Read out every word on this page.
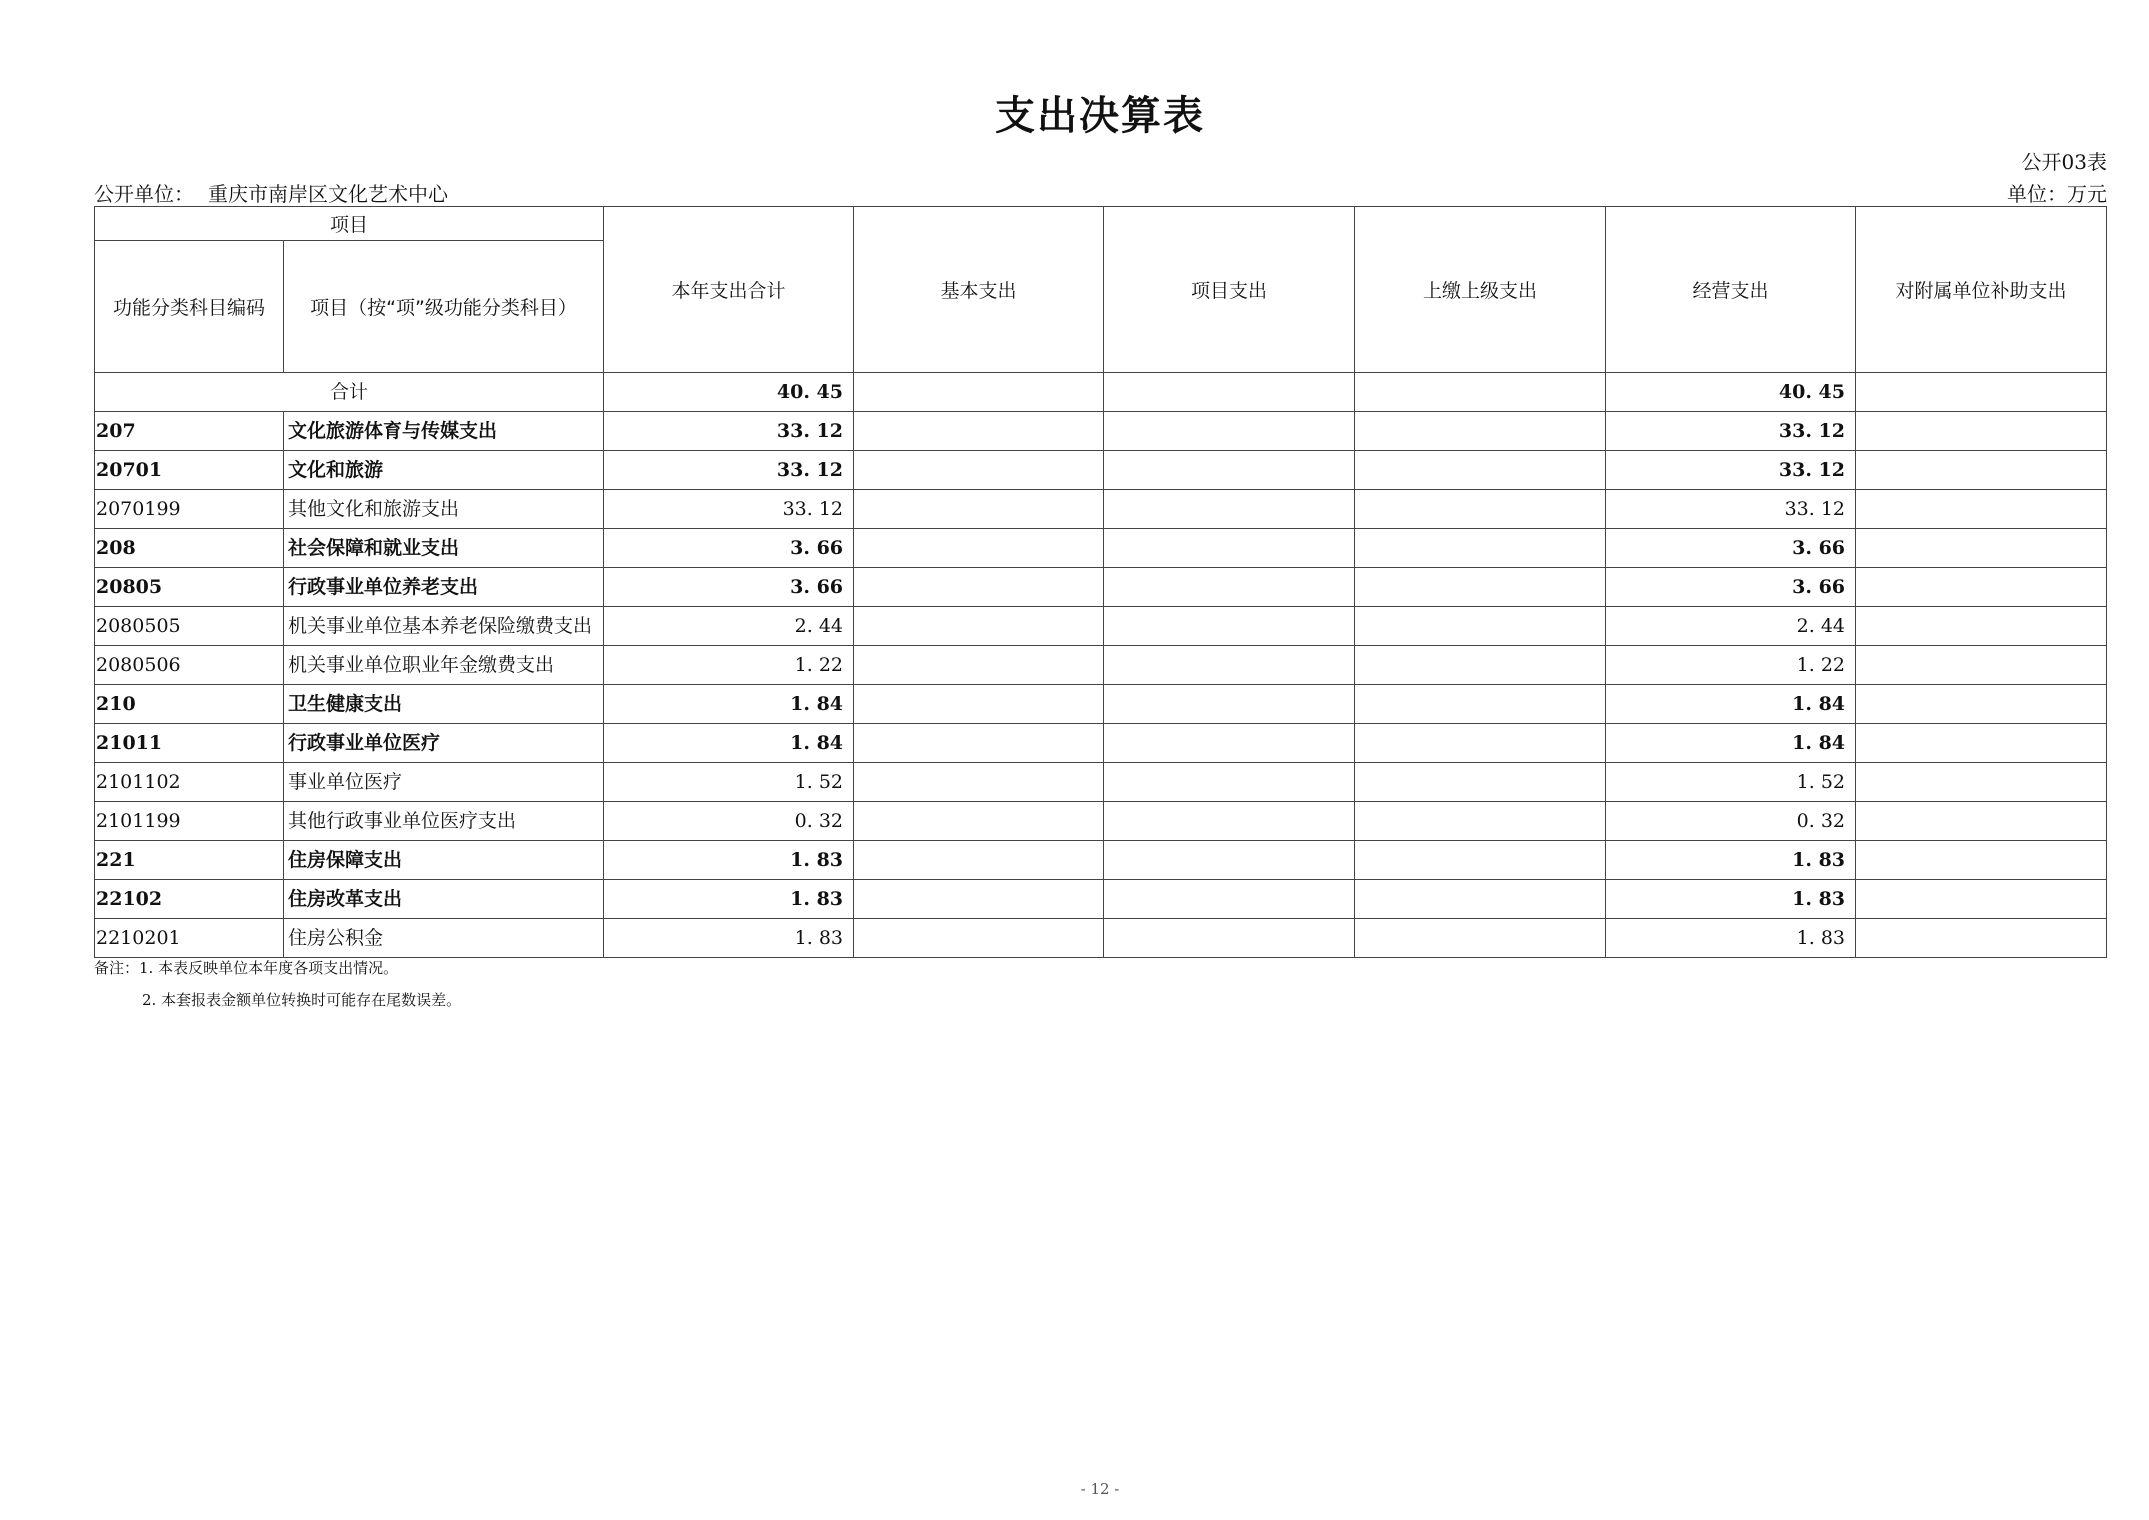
支出决算表
公开03表
公开单位： 重庆市南岸区文化艺术中心	单位：万元
项目		本年支出合计	基本支出	项目支出	上缴上级支出	经营支出	对附属单位补助支出
功能分类科目编码	项目（按“项”级功能分类科目）						
合计		40. 45				40. 45	
207	文化旅游体育与传媒支出	33. 12				33. 12	
20701	文化和旅游	33. 12				33. 12	
2070199	其他文化和旅游支出	33. 12				33. 12	
208	社会保障和就业支出	3. 66				3. 66	
20805	行政事业单位养老支出	3. 66				3. 66	
2080505	机关事业单位基本养老保险缴费支出	2. 44				2. 44	
2080506	机关事业单位职业年金缴费支出	1. 22				1. 22	
210	卫生健康支出	1. 84				1. 84	
21011	行政事业单位医疗	1. 84				1. 84	
2101102	事业单位医疗	1. 52				1. 52	
2101199	其他行政事业单位医疗支出	0. 32				0. 32	
221	住房保障支出	1. 83				1. 83	
22102	住房改革支出	1. 83				1. 83	
2210201	住房公积金	1. 83				1. 83	
备注：1. 本表反映单位本年度各项支出情况。
2. 本套报表金额单位转换时可能存在尾数误差。
- 12 -
